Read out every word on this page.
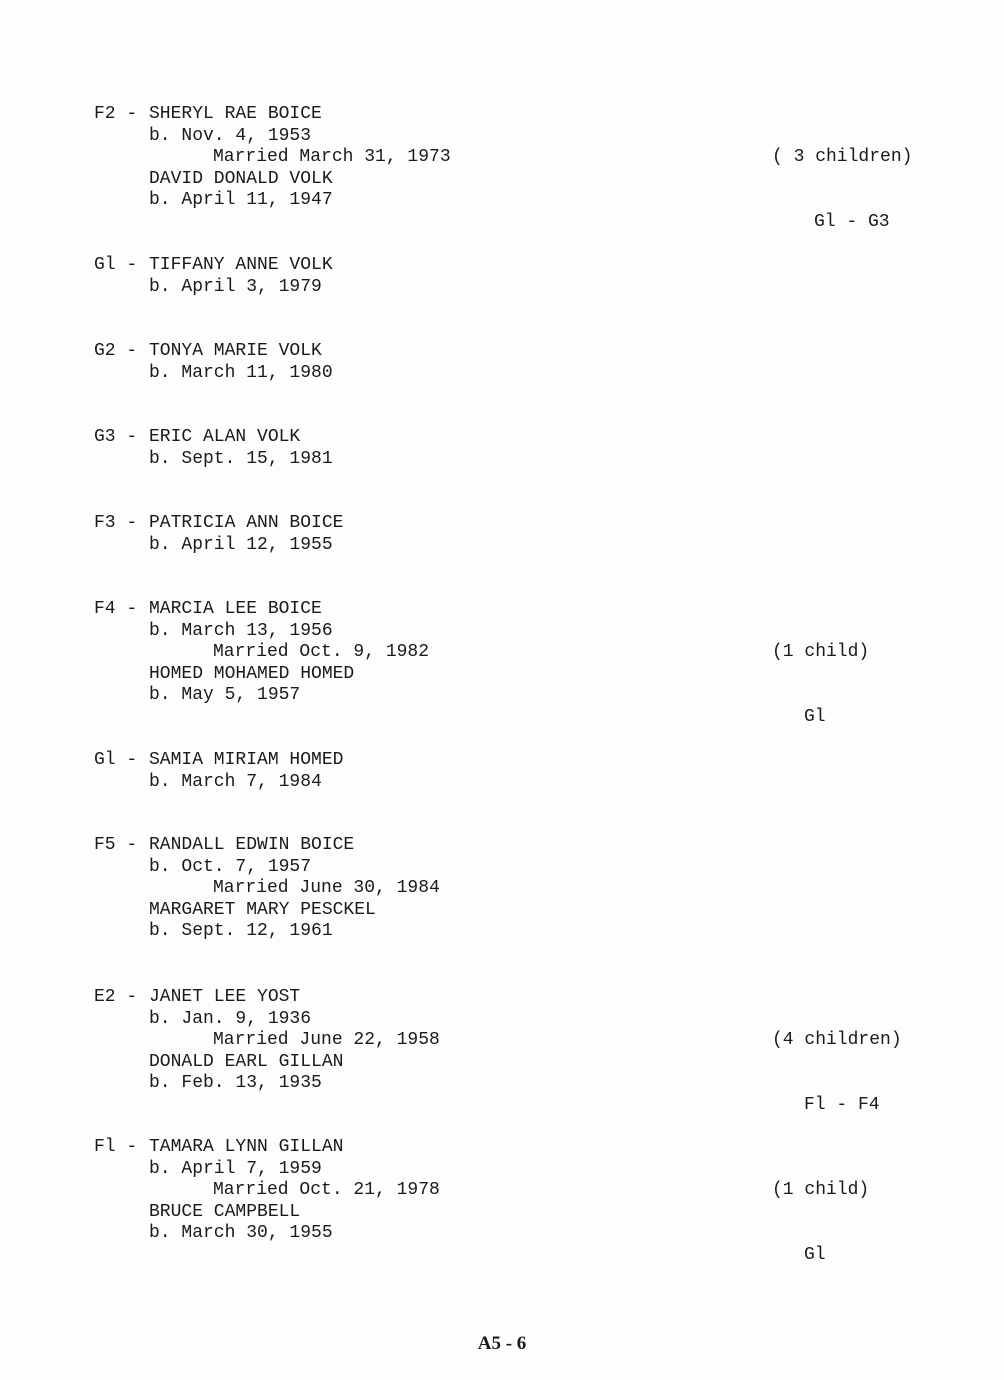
F2 - SHERYL RAE BOICE
b. Nov. 4, 1953
Married March 31, 1973
DAVID DONALD VOLK
b. April 11, 1947

( 3 children)

Gl - G3

Gl - TIFFANY ANNE VOLK
b. April 3, 1979
G2 - TONYA MARIE VOLK
b. March 11, 1980
G3 - ERIC ALAN VOLK
b. Sept. 15, 1981
F3 - PATRICIA ANN BOICE
b. April 12, 1955
F4 - MARCIA LEE BOICE
b. March 13, 1956
Married Oct. 9, 1982
HOMED MOHAMED HOMED
b. May 5, 1957

(1 child)

Gl

Gl - SAMIA MIRIAM HOMED
b. March 7, 1984
F5 - RANDALL EDWIN BOICE
b. Oct. 7, 1957
Married June 30, 1984
MARGARET MARY PESCKEL
b. Sept. 12, 1961
E2 - JANET LEE YOST
b. Jan. 9, 1936
Married June 22, 1958
DONALD EARL GILLAN
b. Feb. 13, 1935

(4 children)

Fl - F4

Fl - TAMARA LYNN GILLAN
b. April 7, 1959
Married Oct. 21, 1978
BRUCE CAMPBELL
b. March 30, 1955

(1 child)

Gl

A5 - 6
